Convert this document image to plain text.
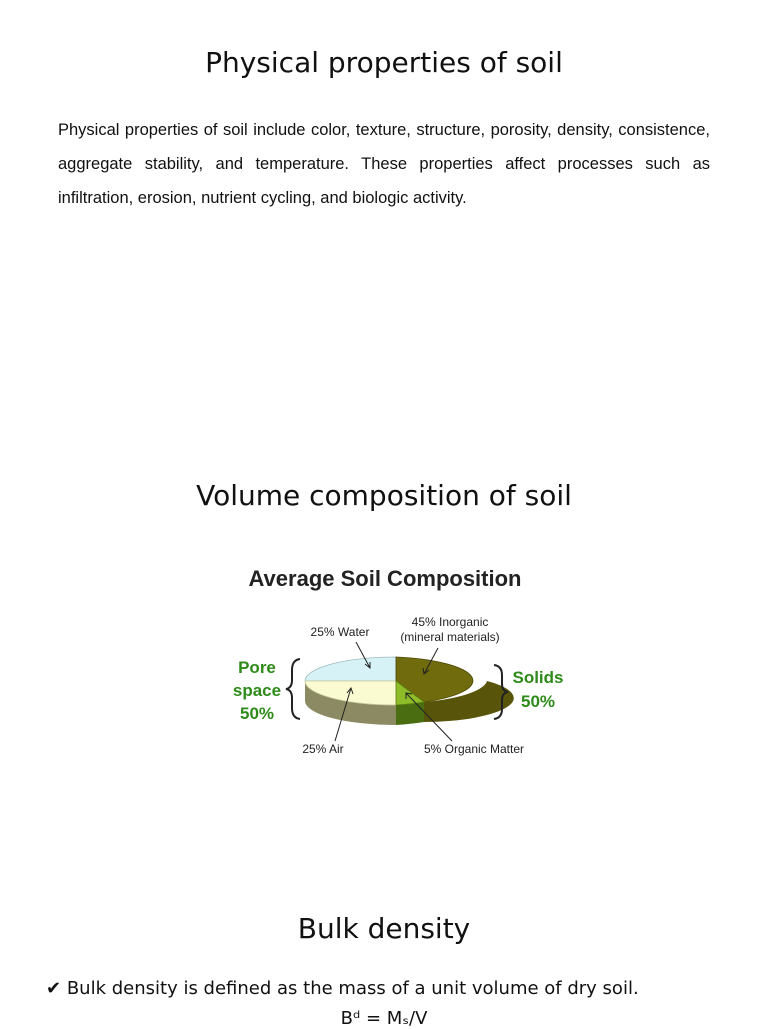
Physical properties of soil

Physical properties of soil include color, texture, structure, porosity, density, consistence, aggregate stability, and temperature. These properties affect processes such as infiltration, erosion, nutrient cycling, and biologic activity.

Volume composition of soil
Average Soil Composition
25% Water
45% Inorganic
(mineral materials)
25% Air	5% Organic Matter
Pore
space
50%
Solids
50%
Bulk density
✔ Bulk density is defined as the mass of a unit volume of dry soil.
Bᵈ = Mₛ/V
